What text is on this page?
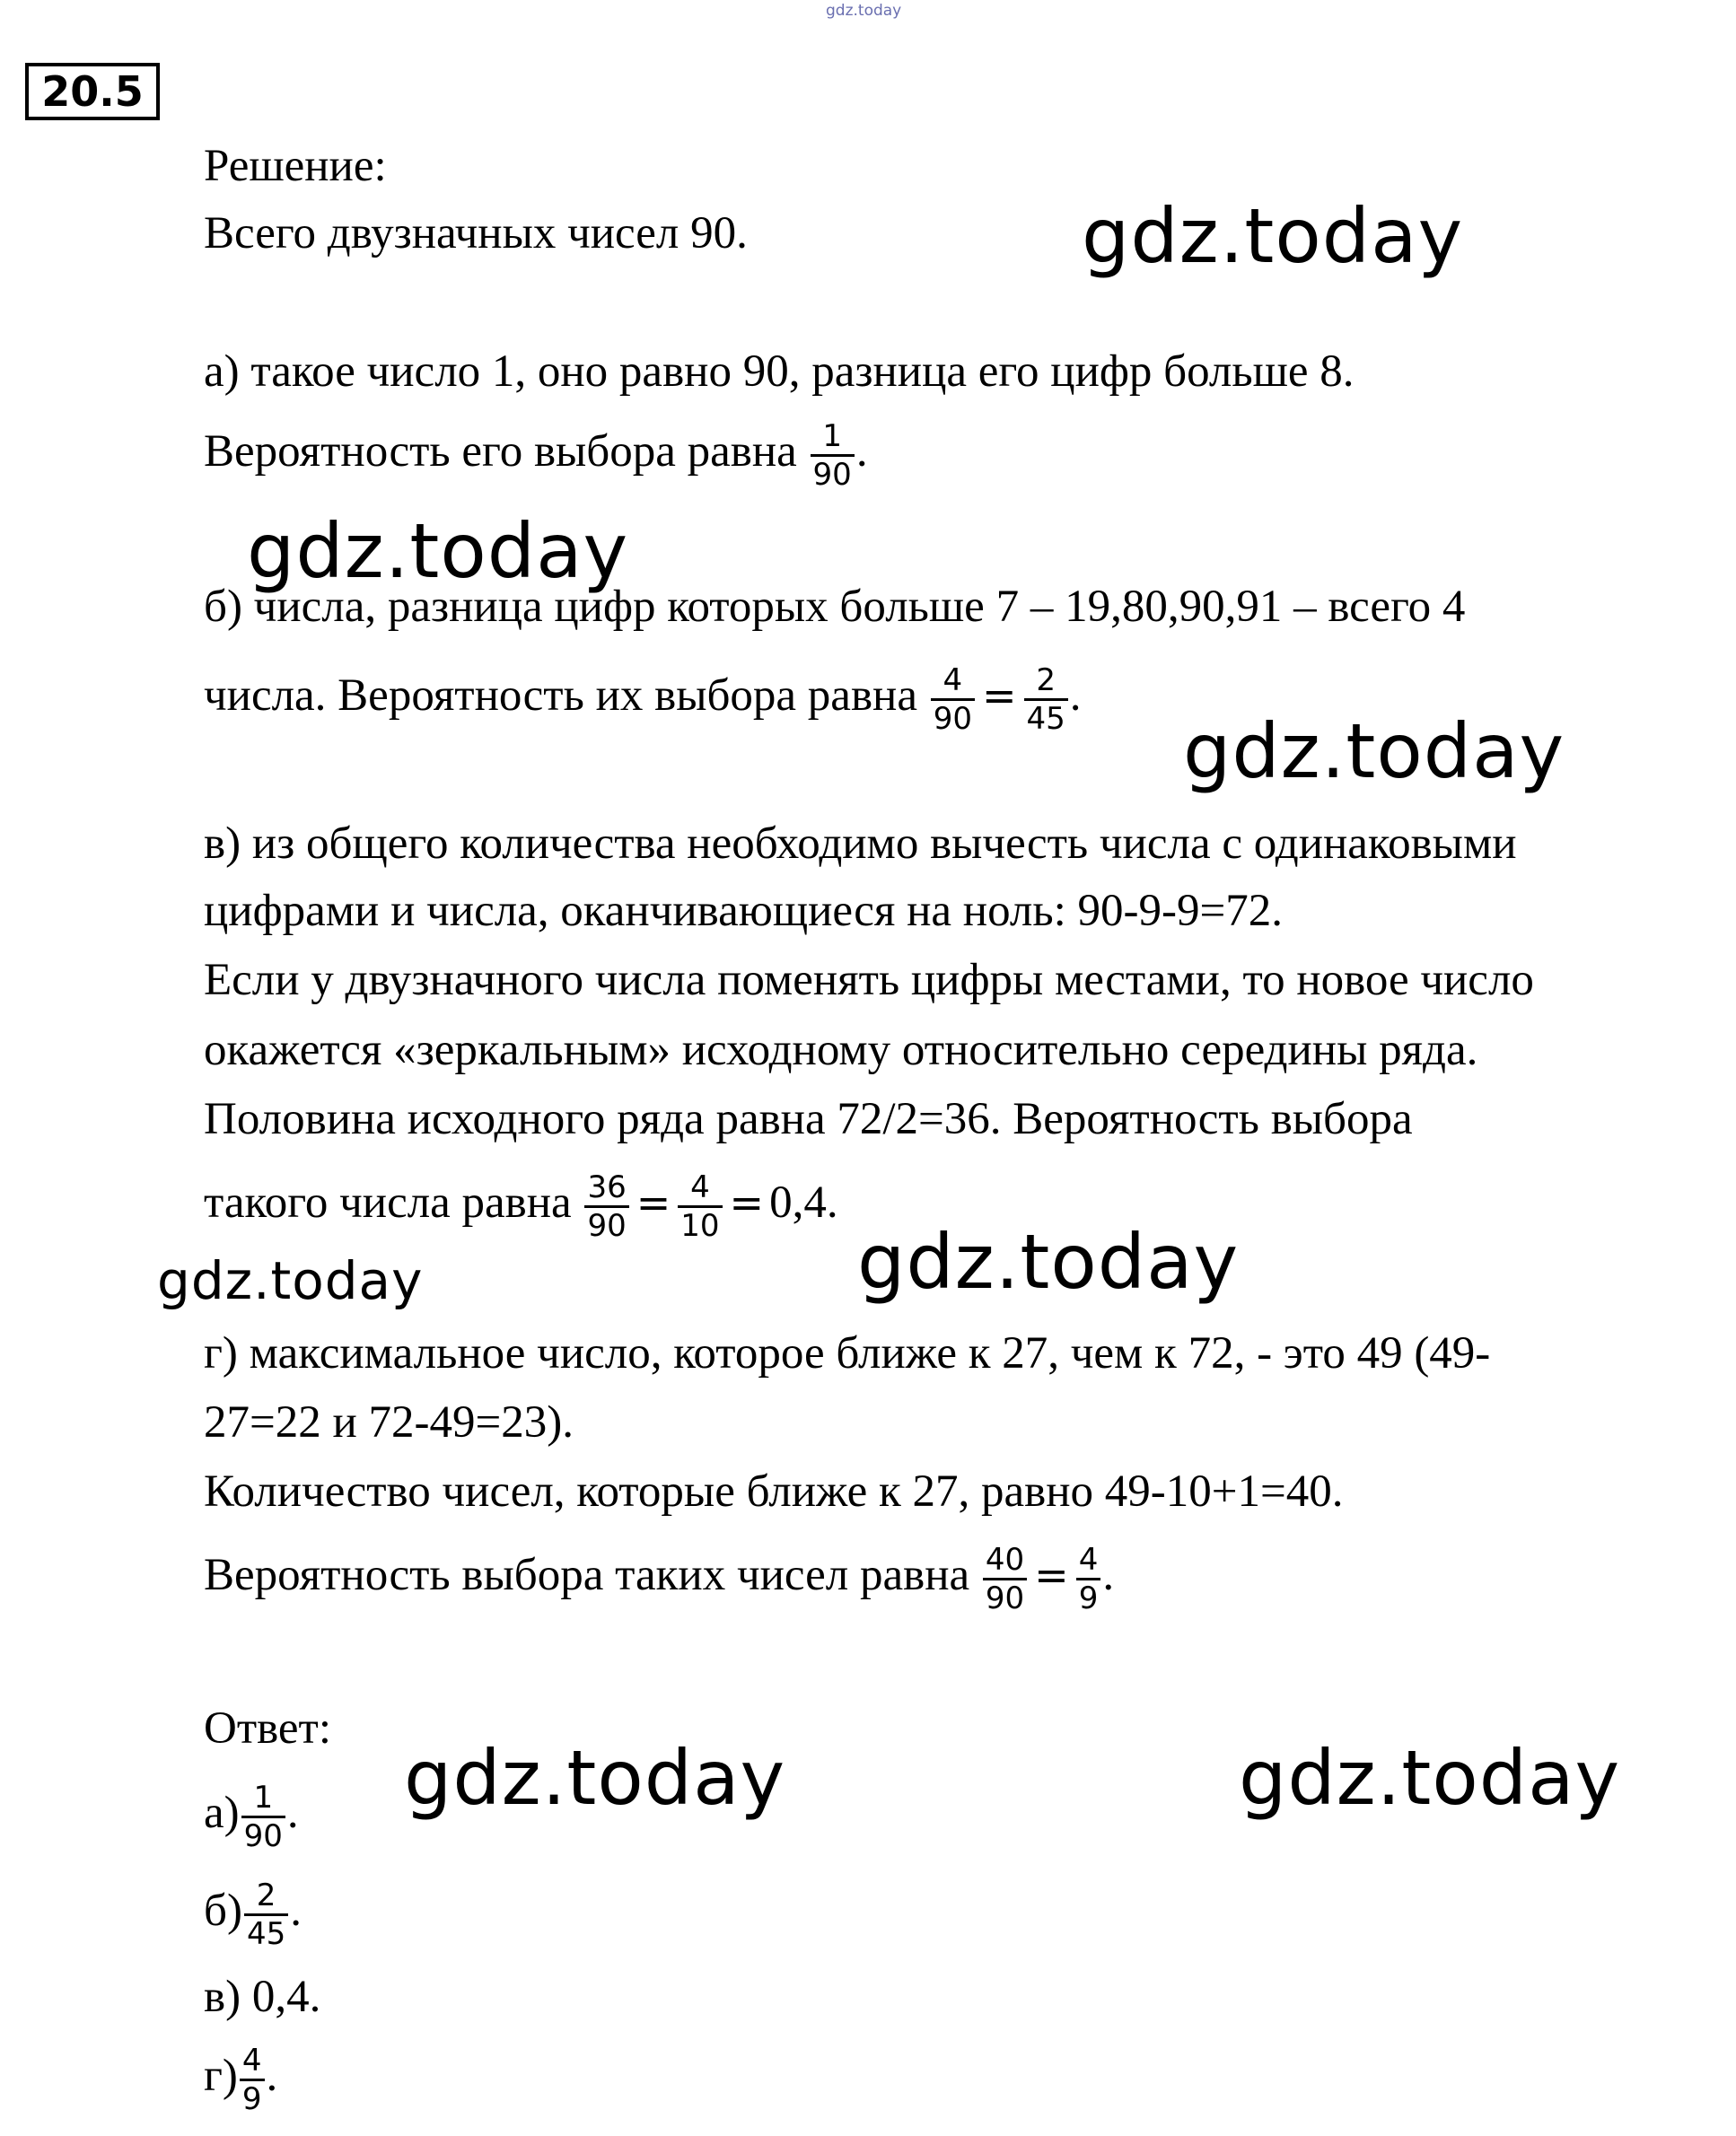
gdz.today
20.5
Решение:
Всего двузначных чисел 90.
а) такое число 1, оно равно 90, разница его цифр больше 8.
Вероятность его выбора равна $\frac{1}{90}$ .
б) числа, разница цифр которых больше 7 – 19,80,90,91 – всего 4
числа. Вероятность их выбора равна $\frac{4}{90} = \frac{2}{45}$ .
в) из общего количества необходимо вычесть числа с одинаковыми
цифрами и числа, оканчивающиеся на ноль: 90-9-9=72.
Если у двузначного числа поменять цифры местами, то новое число
окажется «зеркальным» исходному относительно середины ряда.
Половина исходного ряда равна 72/2=36. Вероятность выбора
такого числа равна $\frac{36}{90} = \frac{4}{10} = 0,4$.
г) максимальное число, которое ближе к 27, чем к 72, - это 49 (49-
27=22 и 72-49=23).
Количество чисел, которые ближе к 27, равно 49-10+1=40.
Вероятность выбора таких чисел равна $\frac{40}{90} = \frac{4}{9}$ .
Ответ:
$а) \frac{1}{90}$ .
$б) \frac{2}{45}$ .
в) 0,4.
$г) \frac{4}{9}$ .
gdz.today
gdz.today
gdz.today
gdz.today	gdz.today
gdz.today	gdz.today
